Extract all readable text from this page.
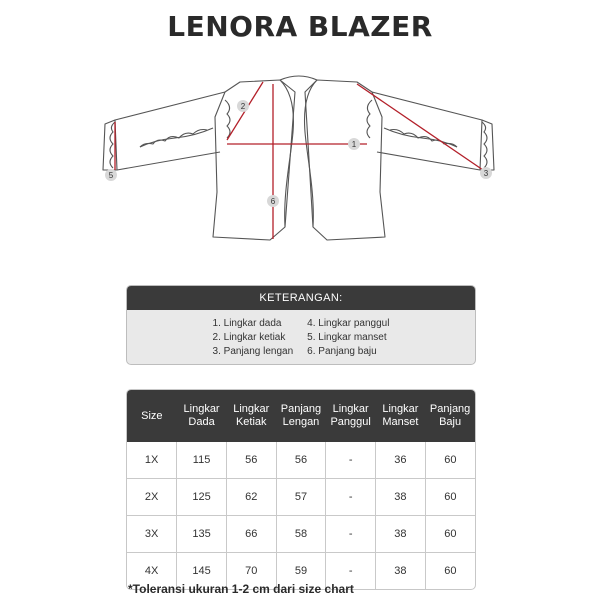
LENORA BLAZER
1
2
3
5
6
KETERANGAN:
1. Lingkar dada
2. Lingkar ketiak
3. Panjang lengan
4. Lingkar panggul
5. Lingkar manset
6. Panjang baju
Size	Lingkar Dada	Lingkar Ketiak	Panjang Lengan	Lingkar Panggul	Lingkar Manset	Panjang Baju
1X	115	56	56	-	36	60
2X	125	62	57	-	38	60
3X	135	66	58	-	38	60
4X	145	70	59	-	38	60
*Toleransi ukuran 1-2 cm dari size chart
